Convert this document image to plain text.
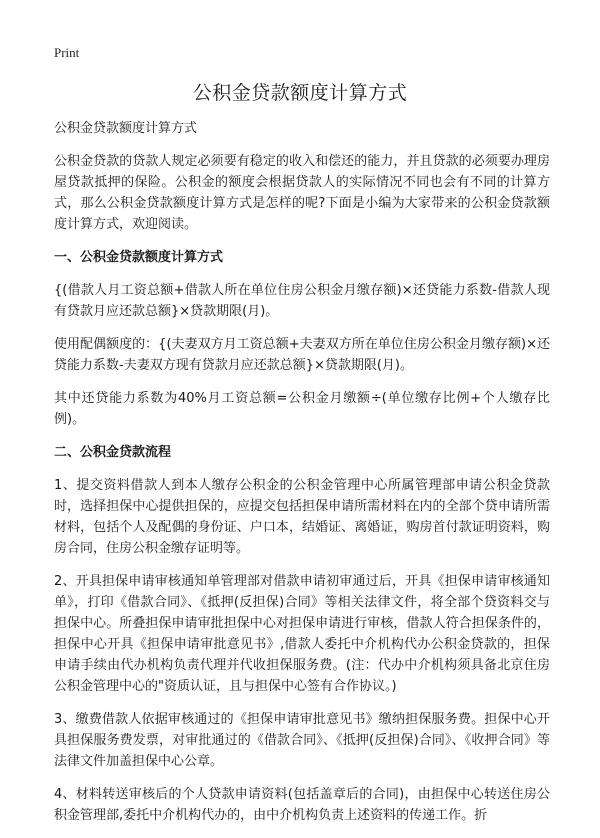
Print
公积金贷款额度计算方式

公积金贷款额度计算方式

公积金贷款的贷款人规定必须要有稳定的收入和偿还的能力，并且贷款的必须要办理房屋贷款抵押的保险。公积金的额度会根据贷款人的实际情况不同也会有不同的计算方式，那么公积金贷款额度计算方式是怎样的呢?下面是小编为大家带来的公积金贷款额度计算方式，欢迎阅读。

一、公积金贷款额度计算方式

{(借款人月工资总额+借款人所在单位住房公积金月缴存额)×还贷能力系数-借款人现有贷款月应还款总额}×贷款期限(月)。

使用配偶额度的：{(夫妻双方月工资总额+夫妻双方所在单位住房公积金月缴存额)×还贷能力系数-夫妻双方现有贷款月应还款总额}×贷款期限(月)。

其中还贷能力系数为40%月工资总额=公积金月缴额÷(单位缴存比例+个人缴存比例)。

二、公积金贷款流程

1、提交资料借款人到本人缴存公积金的公积金管理中心所属管理部申请公积金贷款时，选择担保中心提供担保的，应提交包括担保申请所需材料在内的全部个贷申请所需材料，包括个人及配偶的身份证、户口本，结婚证、离婚证，购房首付款证明资料，购房合同，住房公积金缴存证明等。

2、开具担保申请审核通知单管理部对借款申请初审通过后，开具《担保申请审核通知单》，打印《借款合同》、《抵押(反担保)合同》等相关法律文件，将全部个贷资料交与担保中心。所叠担保申请审批担保中心对担保申请进行审核，借款人符合担保条件的，担保中心开具《担保申请审批意见书》,借款人委托中介机构代办公积金贷款的，担保申请手续由代办机构负责代理并代收担保服务费。(注：代办中介机构须具备北京住房公积金管理中心的"资质认证，且与担保中心签有合作协议。)

3、缴费借款人依据审核通过的《担保申请审批意见书》缴纳担保服务费。担保中心开具担保服务费发票，对审批通过的《借款合同》、《抵押(反担保)合同》、《收押合同》等法律文件加盖担保中心公章。

4、材料转送审核后的个人贷款申请资料(包括盖章后的合同)，由担保中心转送住房公积金管理部,委托中介机构代办的，由中介机构负责上述资料的传递工作。折
